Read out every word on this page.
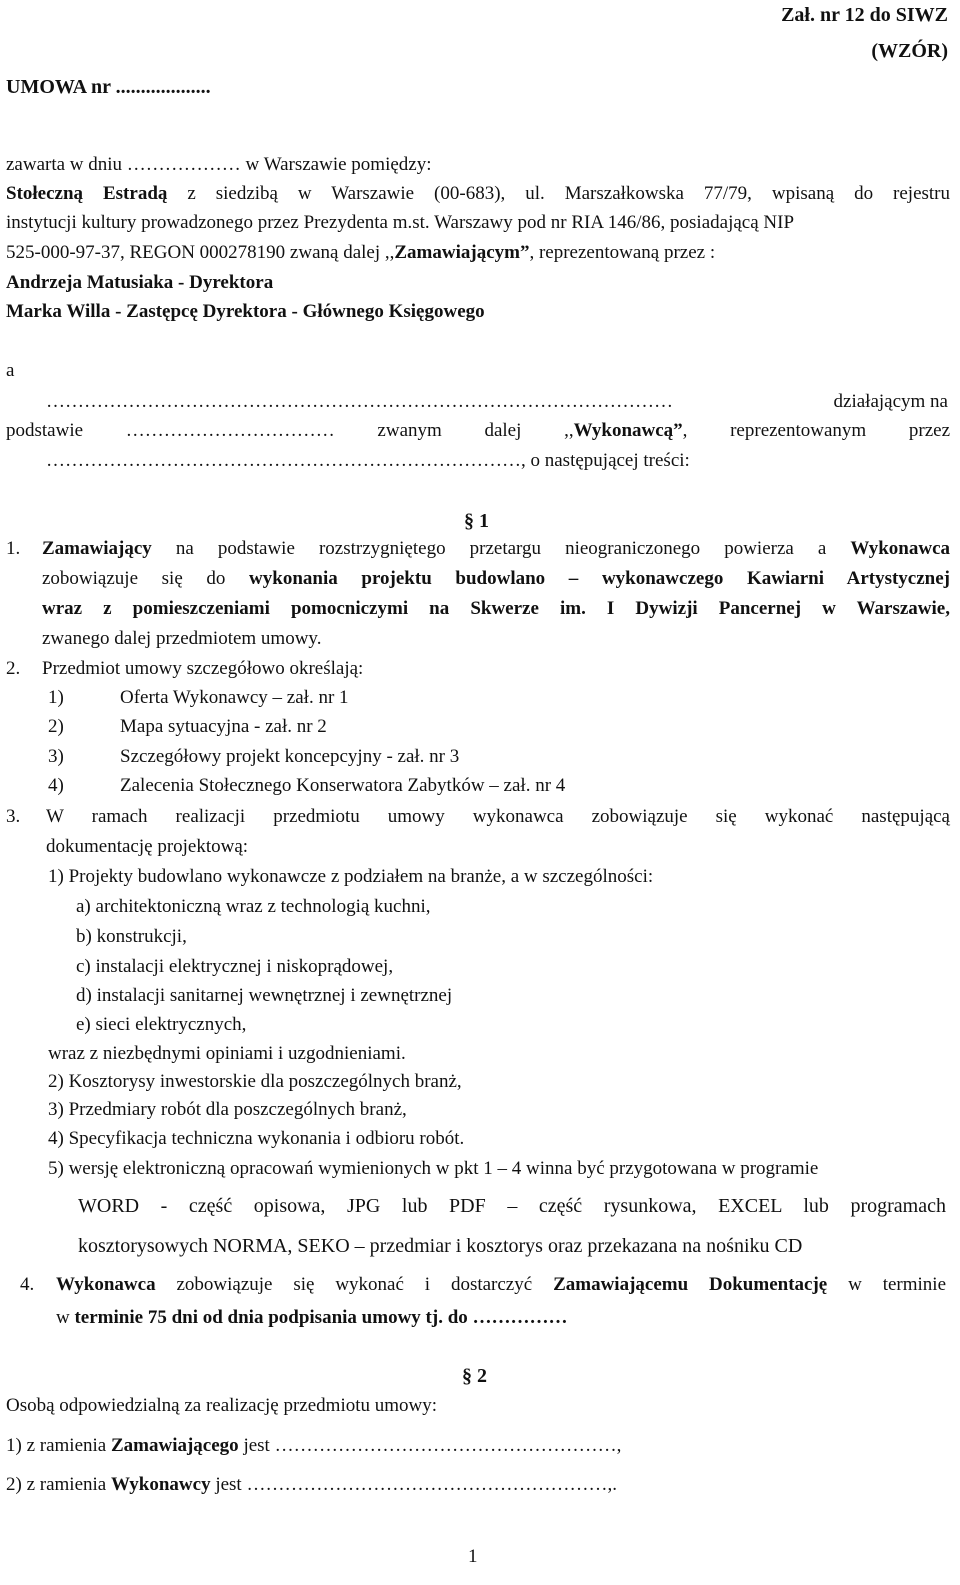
Zał. nr 12 do SIWZ
(WZÓR)
UMOWA nr ...................
zawarta w dniu ……………… w Warszawie pomiędzy:
Stołeczną Estradą z siedzibą w Warszawie (00-683), ul. Marszałkowska 77/79, wpisaną do rejestru
instytucji kultury prowadzonego przez Prezydenta m.st. Warszawy pod nr RIA 146/86, posiadającą NIP
525-000-97-37, REGON 000278190 zwaną dalej ,,Zamawiającym”, reprezentowaną przez :
Andrzeja Matusiaka - Dyrektora
Marka Willa - Zastępcę Dyrektora - Głównego Księgowego
a
………………………………………………………………………………………	działającym na
podstawie …………………………… zwanym dalej ,,Wykonawcą”, reprezentowanym przez
…………………………………………………………………, o następującej treści:
§ 1
1. Zamawiający na podstawie rozstrzygniętego przetargu nieograniczonego powierza a Wykonawca
zobowiązuje się do wykonania projektu budowlano – wykonawczego Kawiarni Artystycznej
wraz z pomieszczeniami pomocniczymi na Skwerze im. I Dywizji Pancernej w Warszawie,
zwanego dalej przedmiotem umowy.
2. Przedmiot umowy szczegółowo określają:
1)	Oferta Wykonawcy – zał. nr 1
2)	Mapa sytuacyjna - zał. nr 2
3)	Szczegółowy projekt koncepcyjny - zał. nr 3
4)	Zalecenia Stołecznego Konserwatora Zabytków – zał. nr 4
3. W ramach realizacji przedmiotu umowy wykonawca zobowiązuje się wykonać następującą
dokumentację projektową:
1) Projekty budowlano wykonawcze z podziałem na branże, a w szczególności:
a) architektoniczną wraz z technologią kuchni,
b) konstrukcji,
c) instalacji elektrycznej i niskoprądowej,
d) instalacji sanitarnej wewnętrznej i zewnętrznej
e) sieci elektrycznych,
wraz z niezbędnymi opiniami i uzgodnieniami.
2) Kosztorysy inwestorskie dla poszczególnych branż,
3) Przedmiary robót dla poszczególnych branż,
4) Specyfikacja techniczna wykonania i odbioru robót.
5) wersję elektroniczną opracowań wymienionych w pkt 1 – 4 winna być przygotowana w programie
WORD - część opisowa, JPG lub PDF – część rysunkowa, EXCEL lub programach
kosztorysowych NORMA, SEKO – przedmiar i kosztorys oraz przekazana na nośniku CD
4. Wykonawca zobowiązuje się wykonać i dostarczyć Zamawiającemu Dokumentację w terminie
w terminie 75 dni od dnia podpisania umowy tj. do ……………
§ 2
Osobą odpowiedzialną za realizację przedmiotu umowy:
1) z ramienia Zamawiającego jest ………………………………………………,
2) z ramienia Wykonawcy jest …………………………………………………,.
1
